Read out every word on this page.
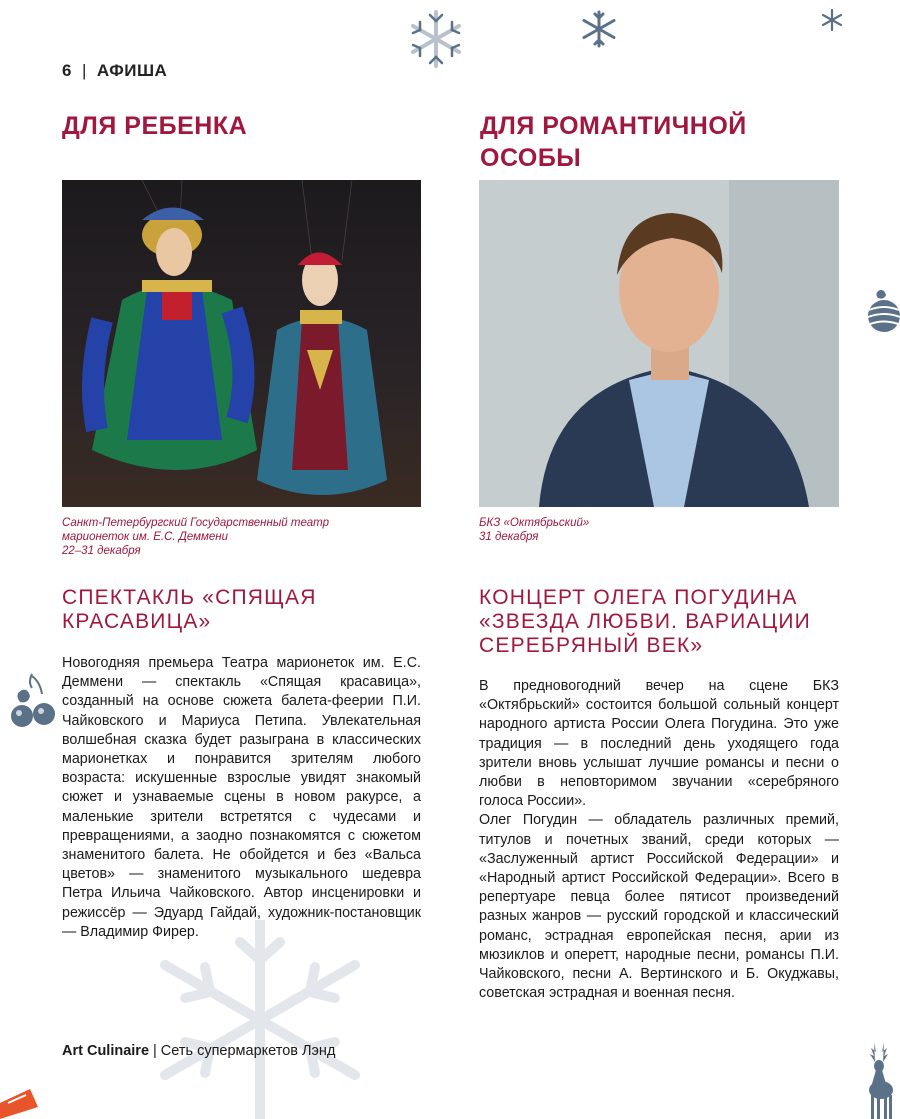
6 | АФИША
ДЛЯ РЕБЕНКА	ДЛЯ РОМАНТИЧНОЙ
ОСОБЫ
Санкт-Петербургский Государственный театр
марионеток им. Е.С. Деммени
22–31 декабря
БКЗ «Октябрьский»
31 декабря
СПЕКТАКЛЬ «СПЯЩАЯ
КРАСАВИЦА»
КОНЦЕРТ ОЛЕГА ПОГУДИНА
«ЗВЕЗДА ЛЮБВИ. ВАРИАЦИИ
СЕРЕБРЯНЫЙ ВЕК»

Новогодняя премьера Театра марионеток им. Е.С. Деммени — спектакль «Спящая красавица», созданный на основе сюжета балета-феерии П.И. Чайковского и Мариуса Петипа. Увлекательная волшебная сказка будет разыграна в классических марионетках и понравится зрителям любого возраста: искушенные взрослые увидят знакомый сюжет и узнаваемые сцены в новом ракурсе, а маленькие зрители встретятся с чудесами и превращениями, а заодно познакомятся с сюжетом знаменитого балета. Не обойдется и без «Вальса цветов» — знаменитого музыкального шедевра Петра Ильича Чайковского. Автор инсценировки и режиссёр — Эдуард Гайдай, художник-постановщик — Владимир Фирер.

В предновогодний вечер на сцене БКЗ «Октябрьский» состоится большой сольный концерт народного артиста России Олега Погудина. Это уже традиция — в последний день уходящего года зрители вновь услышат лучшие романсы и песни о любви в неповторимом звучании «серебряного голоса России».

Олег Погудин — обладатель различных премий, титулов и почетных званий, среди которых — «Заслуженный артист Российской Федерации» и «Народный артист Российской Федерации». Всего в репертуаре певца более пятисот произведений разных жанров — русский городской и классический романс, эстрадная европейская песня, арии из мюзиклов и оперетт, народные песни, романсы П.И. Чайковского, песни А. Вертинского и Б. Окуджавы, советская эстрадная и военная песня.

Art Culinaire | Сеть супермаркетов Лэнд
